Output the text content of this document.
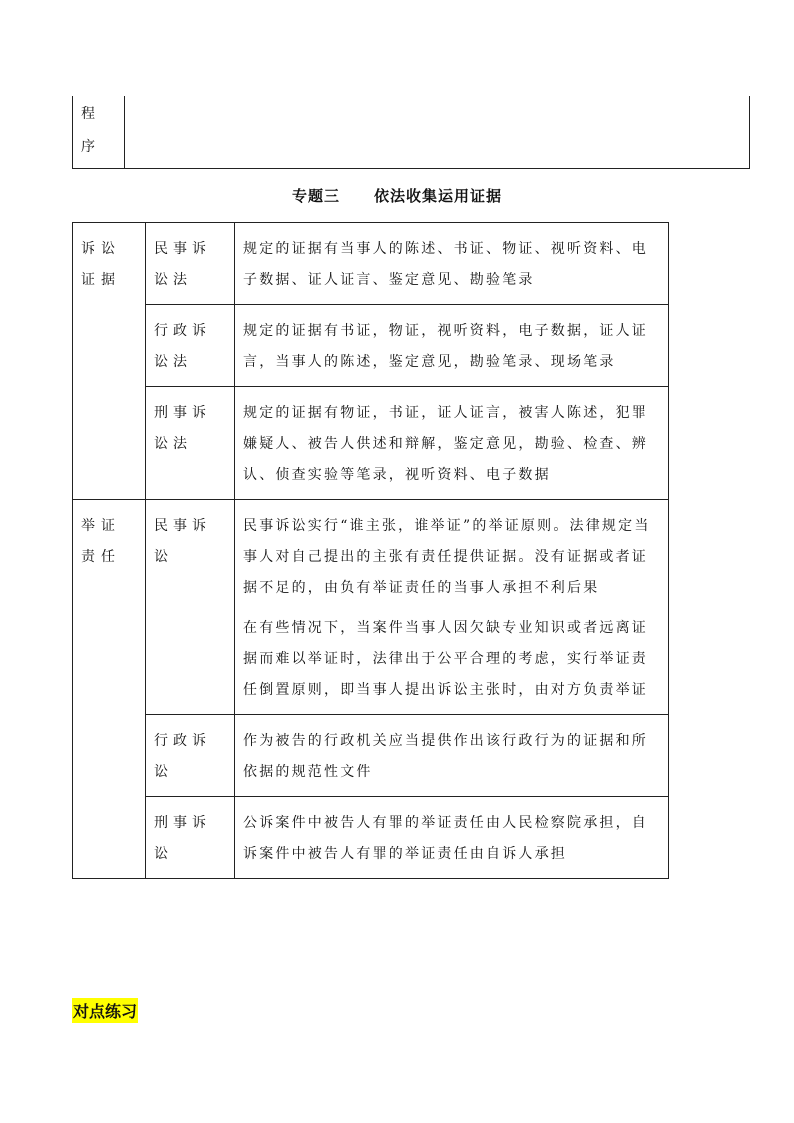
程
序

专题三 依法收集运用证据
诉讼证据	民事诉讼法	规定的证据有当事人的陈述、书证、物证、视听资料、电子数据、证人证言、鉴定意见、勘验笔录
	行政诉讼法	规定的证据有书证，物证，视听资料，电子数据，证人证言，当事人的陈述，鉴定意见，勘验笔录、现场笔录
	刑事诉讼法	规定的证据有物证，书证，证人证言，被害人陈述，犯罪嫌疑人、被告人供述和辩解，鉴定意见，勘验、检查、辨认、侦查实验等笔录，视听资料、电子数据
举证责任	民事诉讼	民事诉讼实行“谁主张，谁举证”的举证原则。法律规定当事人对自己提出的主张有责任提供证据。没有证据或者证据不足的，由负有举证责任的当事人承担不利后果
在有些情况下，当案件当事人因欠缺专业知识或者远离证据而难以举证时，法律出于公平合理的考虑，实行举证责任倒置原则，即当事人提出诉讼主张时，由对方负责举证

	行政诉讼	作为被告的行政机关应当提供作出该行政行为的证据和所依据的规范性文件
	刑事诉讼	公诉案件中被告人有罪的举证责任由人民检察院承担，自诉案件中被告人有罪的举证责任由自诉人承担
对点练习
